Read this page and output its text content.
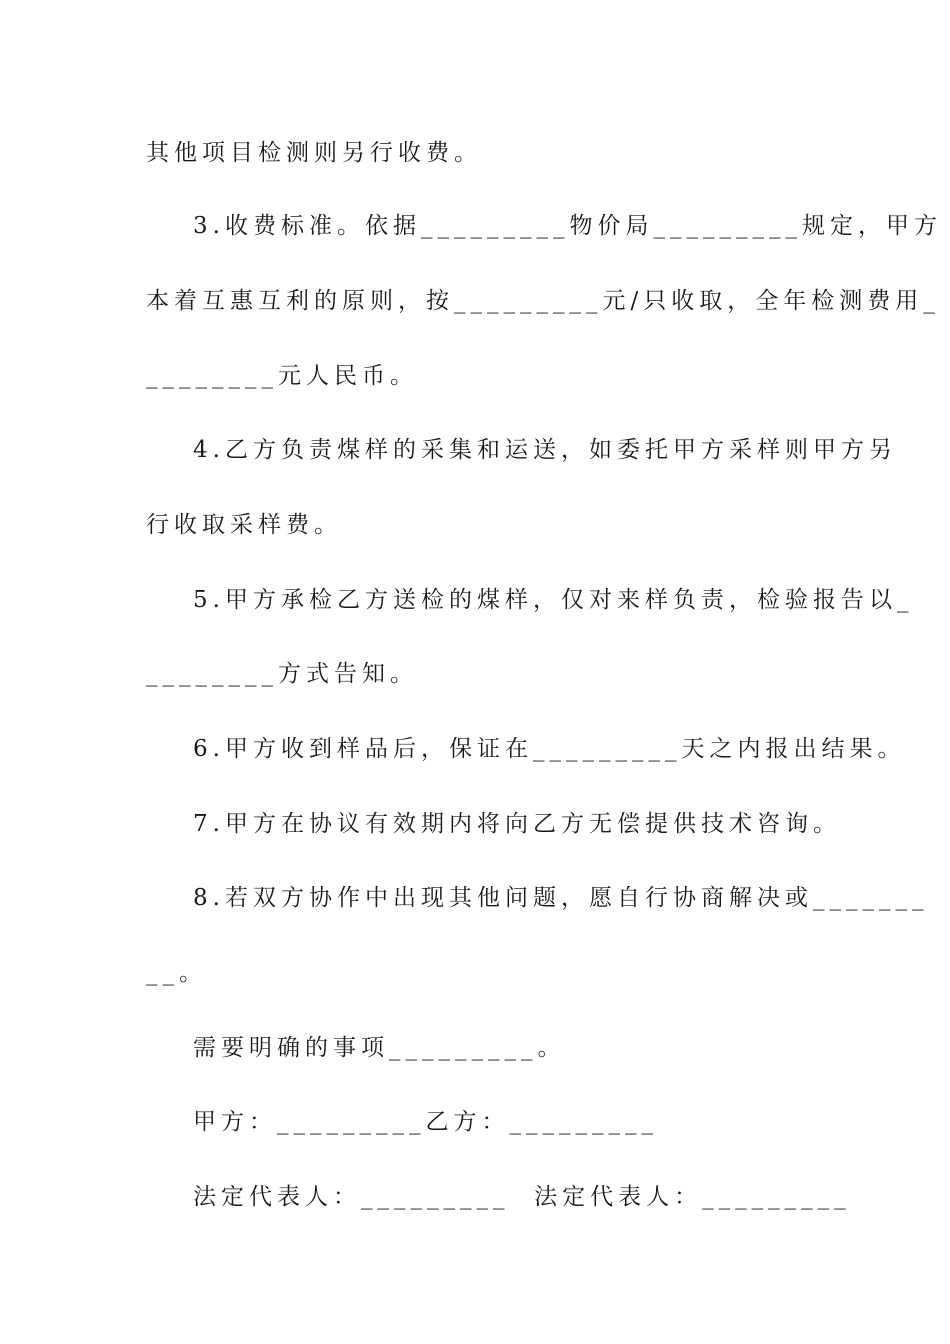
其他项目检测则另行收费。
3.收费标准。依据_________物价局_________规定，甲方
本着互惠互利的原则，按_________元/只收取，全年检测费用_
________元人民币。
4.乙方负责煤样的采集和运送，如委托甲方采样则甲方另
行收取采样费。
5.甲方承检乙方送检的煤样，仅对来样负责，检验报告以_
________方式告知。
6.甲方收到样品后，保证在_________天之内报出结果。
7.甲方在协议有效期内将向乙方无偿提供技术咨询。
8.若双方协作中出现其他问题，愿自行协商解决或_______
__。
需要明确的事项_________。
甲方：_________乙方：_________
法定代表人：_________  法定代表人：_________
